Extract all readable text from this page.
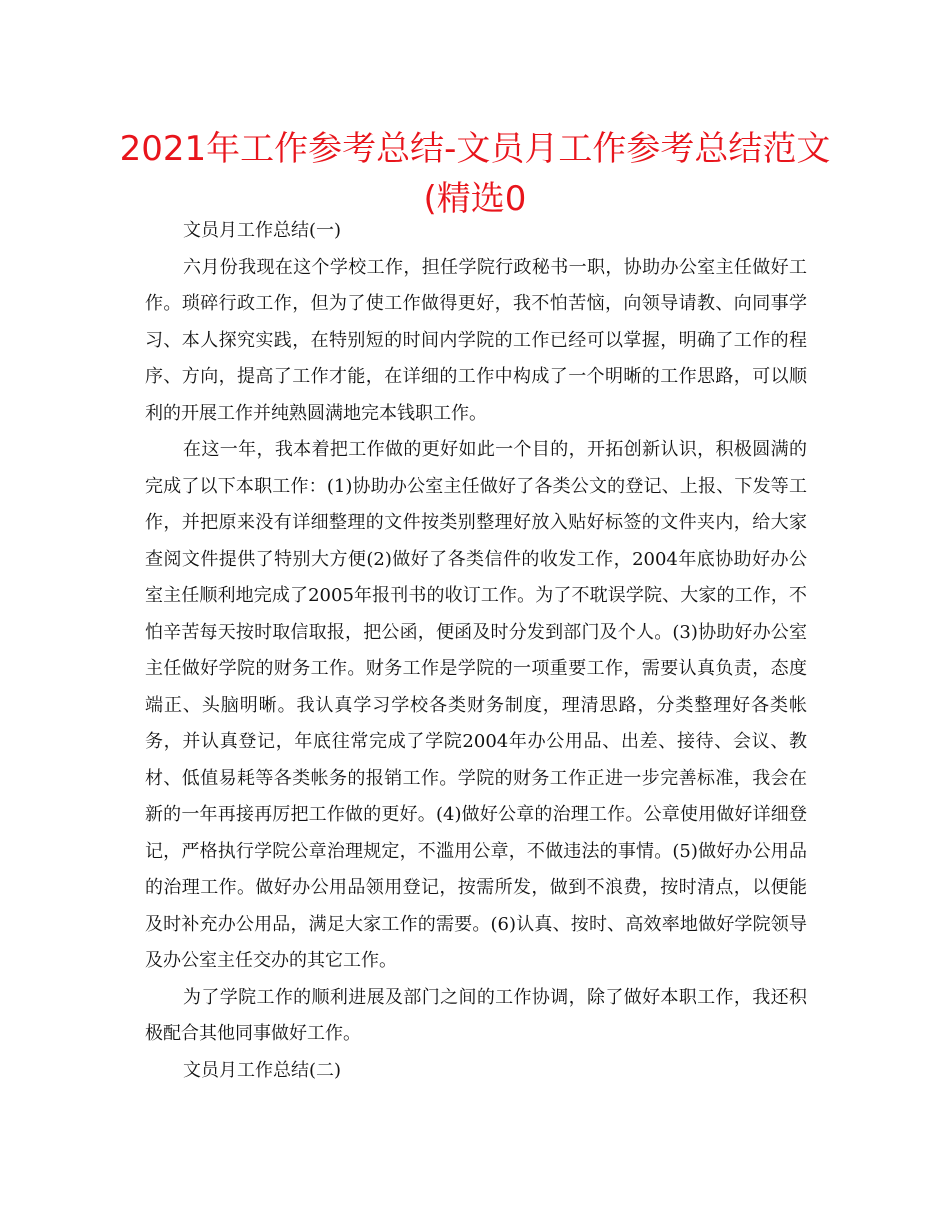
2021年工作参考总结-文员月工作参考总结范文(精选0

文员月工作总结(一)

六月份我现在这个学校工作，担任学院行政秘书一职，协助办公室主任做好工作。琐碎行政工作，但为了使工作做得更好，我不怕苦恼，向领导请教、向同事学习、本人探究实践，在特别短的时间内学院的工作已经可以掌握，明确了工作的程序、方向，提高了工作才能，在详细的工作中构成了一个明晰的工作思路，可以顺利的开展工作并纯熟圆满地完本钱职工作。

在这一年，我本着把工作做的更好如此一个目的，开拓创新认识，积极圆满的完成了以下本职工作：(1)协助办公室主任做好了各类公文的登记、上报、下发等工作，并把原来没有详细整理的文件按类别整理好放入贴好标签的文件夹内，给大家查阅文件提供了特别大方便(2)做好了各类信件的收发工作，2004年底协助好办公室主任顺利地完成了2005年报刊书的收订工作。为了不耽误学院、大家的工作，不怕辛苦每天按时取信取报，把公函，便函及时分发到部门及个人。(3)协助好办公室主任做好学院的财务工作。财务工作是学院的一项重要工作，需要认真负责，态度端正、头脑明晰。我认真学习学校各类财务制度，理清思路，分类整理好各类帐务，并认真登记，年底往常完成了学院2004年办公用品、出差、接待、会议、教材、低值易耗等各类帐务的报销工作。学院的财务工作正进一步完善标准，我会在新的一年再接再厉把工作做的更好。(4)做好公章的治理工作。公章使用做好详细登记，严格执行学院公章治理规定，不滥用公章，不做违法的事情。(5)做好办公用品的治理工作。做好办公用品领用登记，按需所发，做到不浪费，按时清点，以便能及时补充办公用品，满足大家工作的需要。(6)认真、按时、高效率地做好学院领导及办公室主任交办的其它工作。

为了学院工作的顺利进展及部门之间的工作协调，除了做好本职工作，我还积极配合其他同事做好工作。

文员月工作总结(二)
